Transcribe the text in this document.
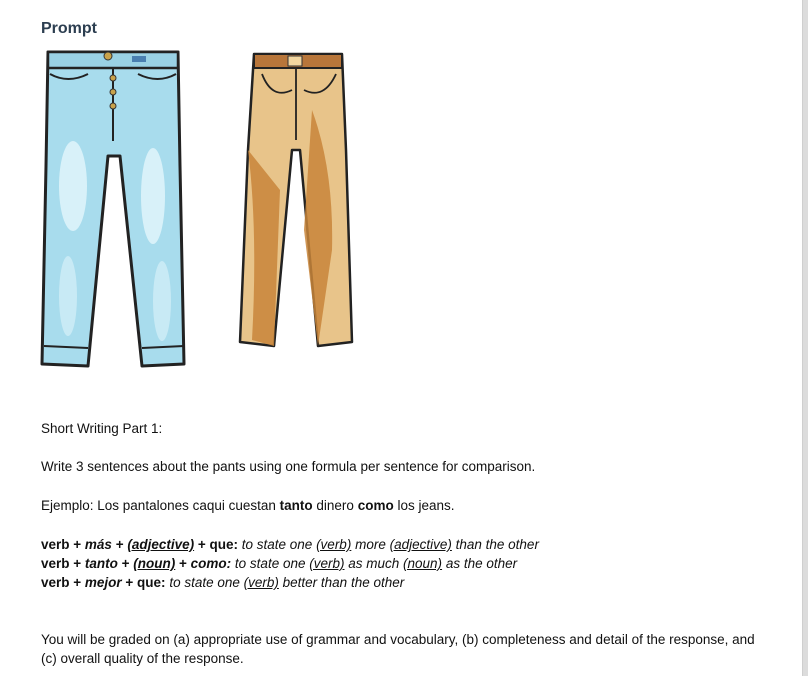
Prompt

Short Writing Part 1:

Write 3 sentences about the pants using one formula per sentence for comparison.

Ejemplo: Los pantalones caqui cuestan tanto dinero como los jeans.

verb + más + (adjective) + que: to state one (verb) more (adjective) than the other

verb + tanto + (noun) + como: to state one (verb) as much (noun) as the other

verb + mejor + que: to state one (verb) better than the other

You will be graded on (a) appropriate use of grammar and vocabulary, (b) completeness and detail of the response, and (c) overall quality of the response.
